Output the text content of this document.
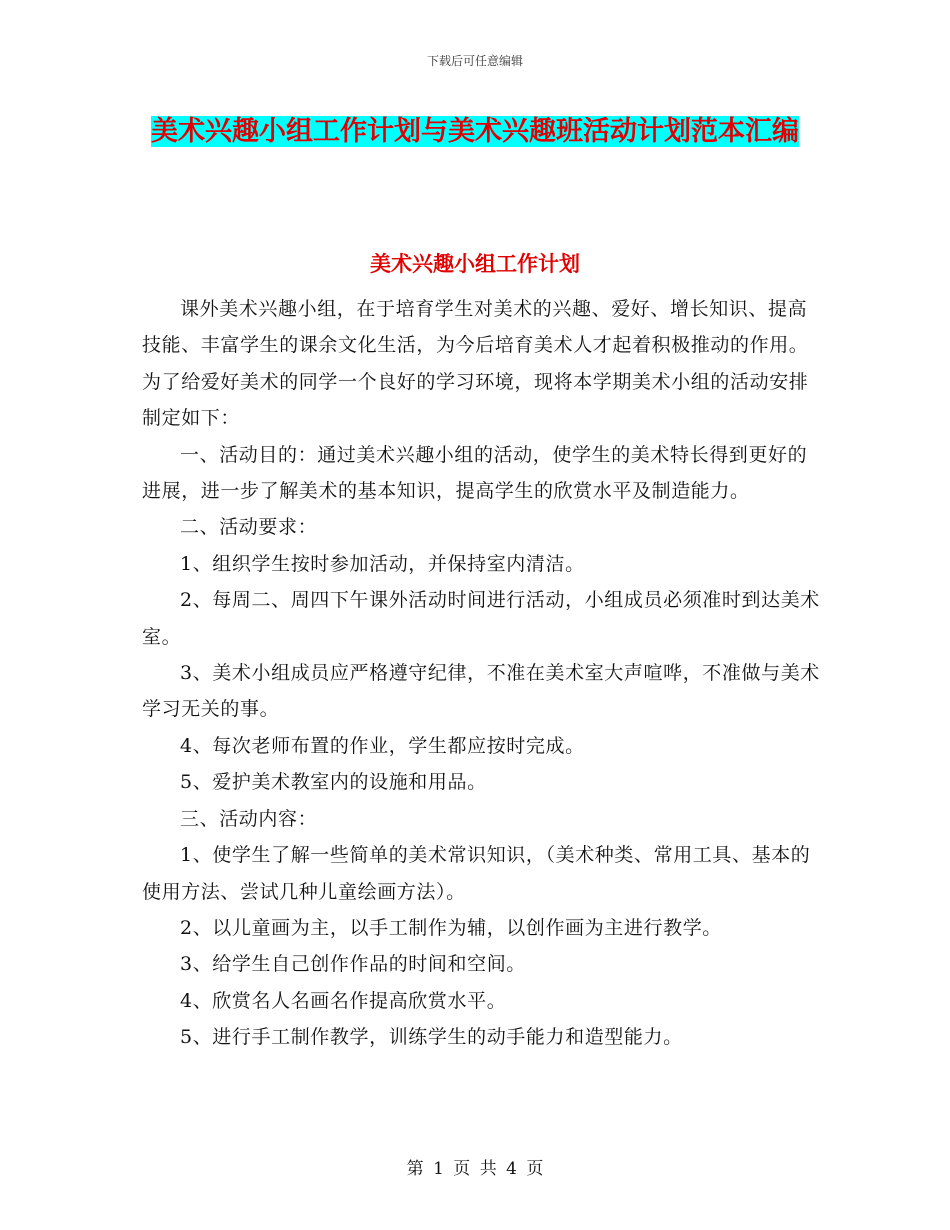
下载后可任意编辑
美术兴趣小组工作计划与美术兴趣班活动计划范本汇编
美术兴趣小组工作计划

课外美术兴趣小组，在于培育学生对美术的兴趣、爱好、增长知识、提高技能、丰富学生的课余文化生活，为今后培育美术人才起着积极推动的作用。为了给爱好美术的同学一个良好的学习环境，现将本学期美术小组的活动安排制定如下：

一、活动目的：通过美术兴趣小组的活动，使学生的美术特长得到更好的进展，进一步了解美术的基本知识，提高学生的欣赏水平及制造能力。

二、活动要求：

1、组织学生按时参加活动，并保持室内清洁。

2、每周二、周四下午课外活动时间进行活动，小组成员必须准时到达美术室。

3、美术小组成员应严格遵守纪律，不准在美术室大声喧哗，不准做与美术学习无关的事。

4、每次老师布置的作业，学生都应按时完成。

5、爱护美术教室内的设施和用品。

三、活动内容：

1、使学生了解一些简单的美术常识知识，（美术种类、常用工具、基本的使用方法、尝试几种儿童绘画方法）。

2、以儿童画为主，以手工制作为辅，以创作画为主进行教学。

3、给学生自己创作作品的时间和空间。

4、欣赏名人名画名作提高欣赏水平。

5、进行手工制作教学，训练学生的动手能力和造型能力。

第 1 页 共 4 页
